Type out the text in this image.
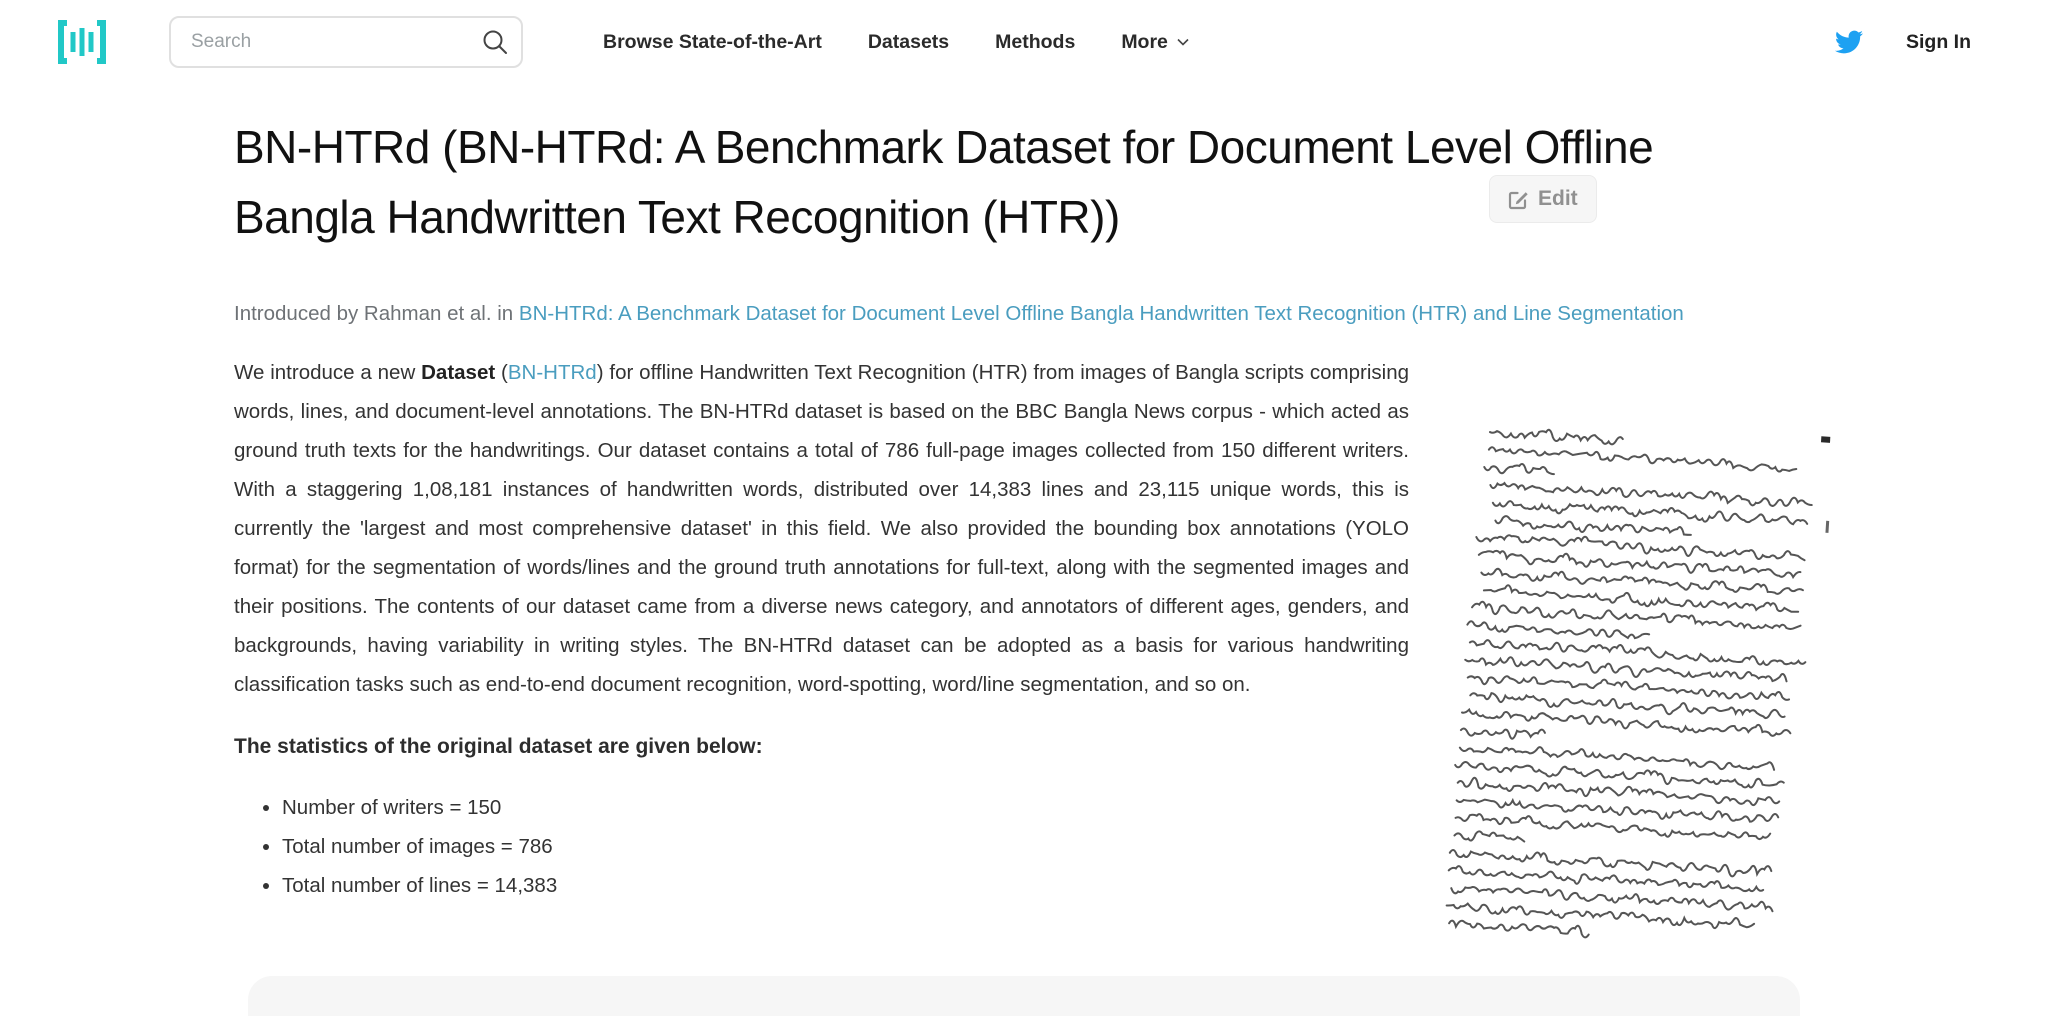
Search
Browse State-of-the-Art Datasets Methods More	Sign In
BN-HTRd (BN-HTRd: A Benchmark Dataset for Document Level Offline Bangla Handwritten Text Recognition (HTR))

Introduced by Rahman et al. in BN-HTRd: A Benchmark Dataset for Document Level Offline Bangla Handwritten Text Recognition (HTR) and Line Segmentation

We introduce a new Dataset (BN-HTRd) for offline Handwritten Text Recognition (HTR) from images of Bangla scripts comprising words, lines, and document-level annotations. The BN-HTRd dataset is based on the BBC Bangla News corpus - which acted as ground truth texts for the handwritings. Our dataset contains a total of 786 full-page images collected from 150 different writers. With a staggering 1,08,181 instances of handwritten words, distributed over 14,383 lines and 23,115 unique words, this is currently the 'largest and most comprehensive dataset' in this field. We also provided the bounding box annotations (YOLO format) for the segmentation of words/lines and the ground truth annotations for full-text, along with the segmented images and their positions. The contents of our dataset came from a diverse news category, and annotators of different ages, genders, and backgrounds, having variability in writing styles. The BN-HTRd dataset can be adopted as a basis for various handwriting classification tasks such as end-to-end document recognition, word-spotting, word/line segmentation, and so on.

The statistics of the original dataset are given below:

• Number of writers = 150
• Total number of images = 786
• Total number of lines = 14,383
Edit
